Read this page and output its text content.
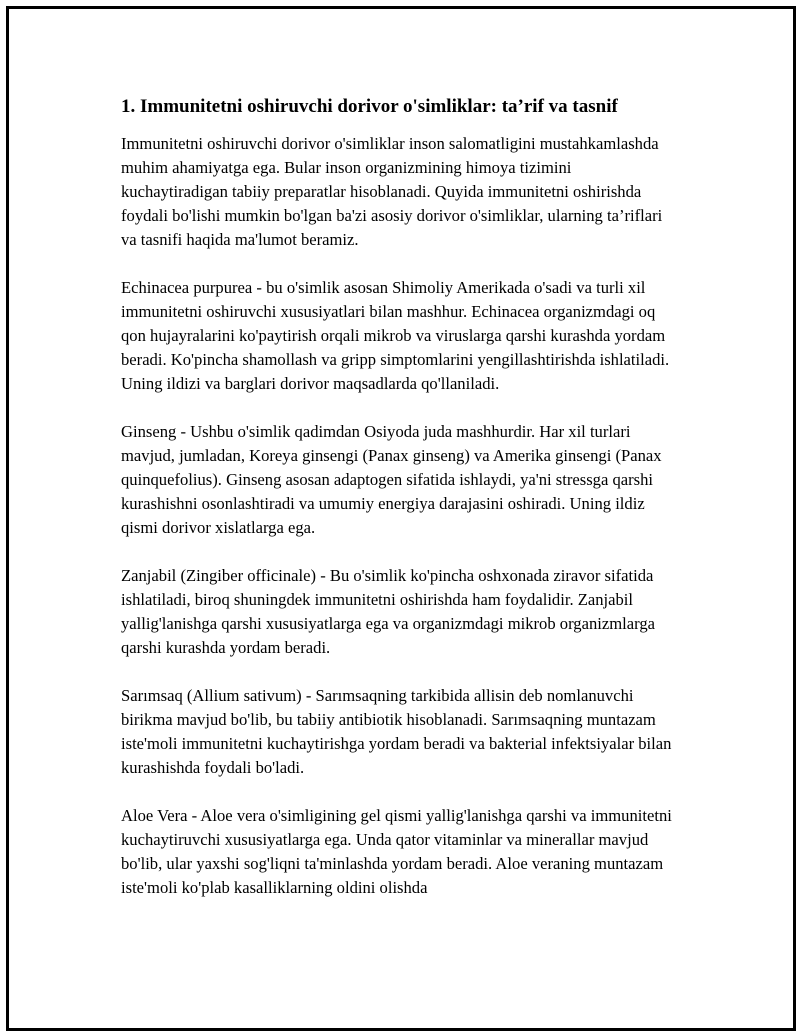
1. Immunitetni oshiruvchi dorivor o'simliklar: ta’rif va tasnif

Immunitetni oshiruvchi dorivor o'simliklar inson salomatligini mustahkamlashda muhim ahamiyatga ega. Bular inson organizmining himoya tizimini kuchaytiradigan tabiiy preparatlar hisoblanadi. Quyida immunitetni oshirishda foydali bo'lishi mumkin bo'lgan ba'zi asosiy dorivor o'simliklar, ularning ta’riflari va tasnifi haqida ma'lumot beramiz.

Echinacea purpurea - bu o'simlik asosan Shimoliy Amerikada o'sadi va turli xil immunitetni oshiruvchi xususiyatlari bilan mashhur. Echinacea organizmdagi oq qon hujayralarini ko'paytirish orqali mikrob va viruslarga qarshi kurashda yordam beradi. Ko'pincha shamollash va gripp simptomlarini yengillashtirishda ishlatiladi. Uning ildizi va barglari dorivor maqsadlarda qo'llaniladi.

Ginseng - Ushbu o'simlik qadimdan Osiyoda juda mashhurdir. Har xil turlari mavjud, jumladan, Koreya ginsengi (Panax ginseng) va Amerika ginsengi (Panax quinquefolius). Ginseng asosan adaptogen sifatida ishlaydi, ya'ni stressga qarshi kurashishni osonlashtiradi va umumiy energiya darajasini oshiradi. Uning ildiz qismi dorivor xislatlarga ega.

Zanjabil (Zingiber officinale) - Bu o'simlik ko'pincha oshxonada ziravor sifatida ishlatiladi, biroq shuningdek immunitetni oshirishda ham foydalidir. Zanjabil yallig'lanishga qarshi xususiyatlarga ega va organizmdagi mikrob organizmlarga qarshi kurashda yordam beradi.

Sarımsaq (Allium sativum) - Sarımsaqning tarkibida allisin deb nomlanuvchi birikma mavjud bo'lib, bu tabiiy antibiotik hisoblanadi. Sarımsaqning muntazam iste'moli immunitetni kuchaytirishga yordam beradi va bakterial infektsiyalar bilan kurashishda foydali bo'ladi.

Aloe Vera - Aloe vera o'simligining gel qismi yallig'lanishga qarshi va immunitetni kuchaytiruvchi xususiyatlarga ega. Unda qator vitaminlar va minerallar mavjud bo'lib, ular yaxshi sog'liqni ta'minlashda yordam beradi. Aloe veraning muntazam iste'moli ko'plab kasalliklarning oldini olishda
